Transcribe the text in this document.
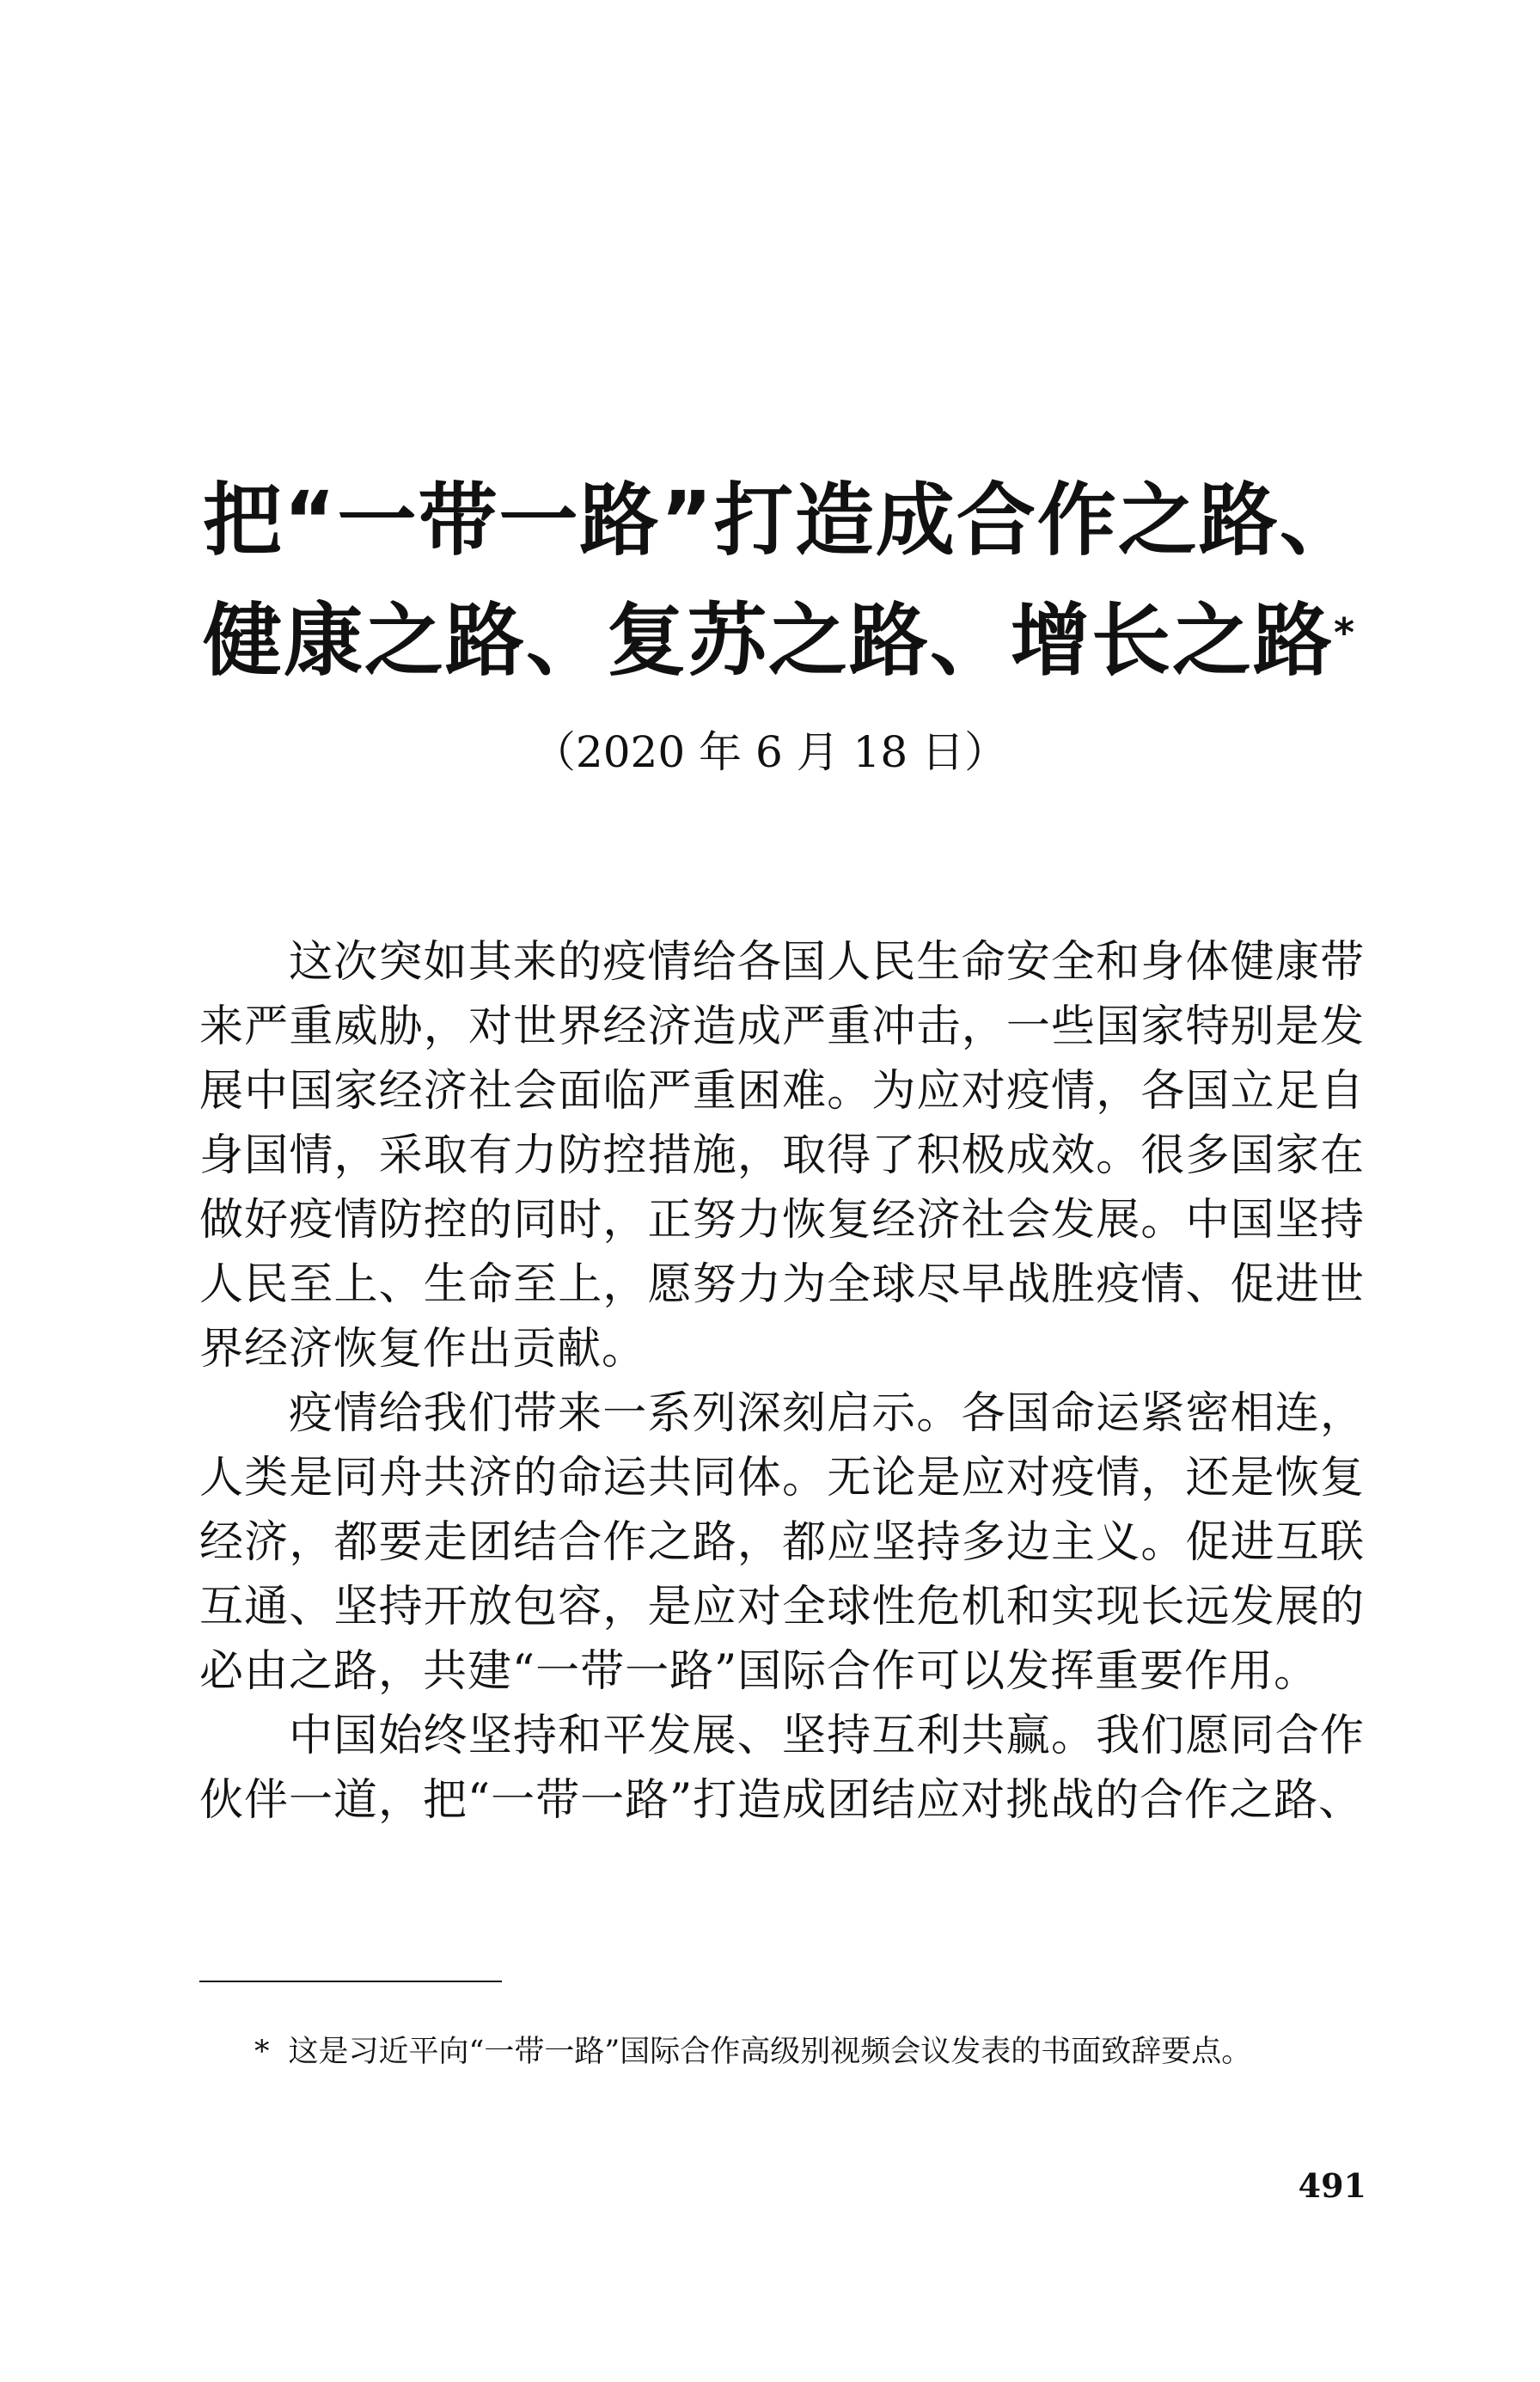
把“一带一路”打造成合作之路、
健康之路、复苏之路、增长之路*
（2020 年 6 月 18 日）

这次突如其来的疫情给各国人民生命安全和身体健康带来严重威胁，对世界经济造成严重冲击，一些国家特别是发展中国家经济社会面临严重困难。为应对疫情，各国立足自身国情，采取有力防控措施，取得了积极成效。很多国家在做好疫情防控的同时，正努力恢复经济社会发展。中国坚持人民至上、生命至上，愿努力为全球尽早战胜疫情、促进世界经济恢复作出贡献。

疫情给我们带来一系列深刻启示。各国命运紧密相连，人类是同舟共济的命运共同体。无论是应对疫情，还是恢复经济，都要走团结合作之路，都应坚持多边主义。促进互联互通、坚持开放包容，是应对全球性危机和实现长远发展的必由之路，共建“一带一路”国际合作可以发挥重要作用。

中国始终坚持和平发展、坚持互利共赢。我们愿同合作伙伴一道，把“一带一路”打造成团结应对挑战的合作之路、

* 这是习近平向“一带一路”国际合作高级别视频会议发表的书面致辞要点。
491
